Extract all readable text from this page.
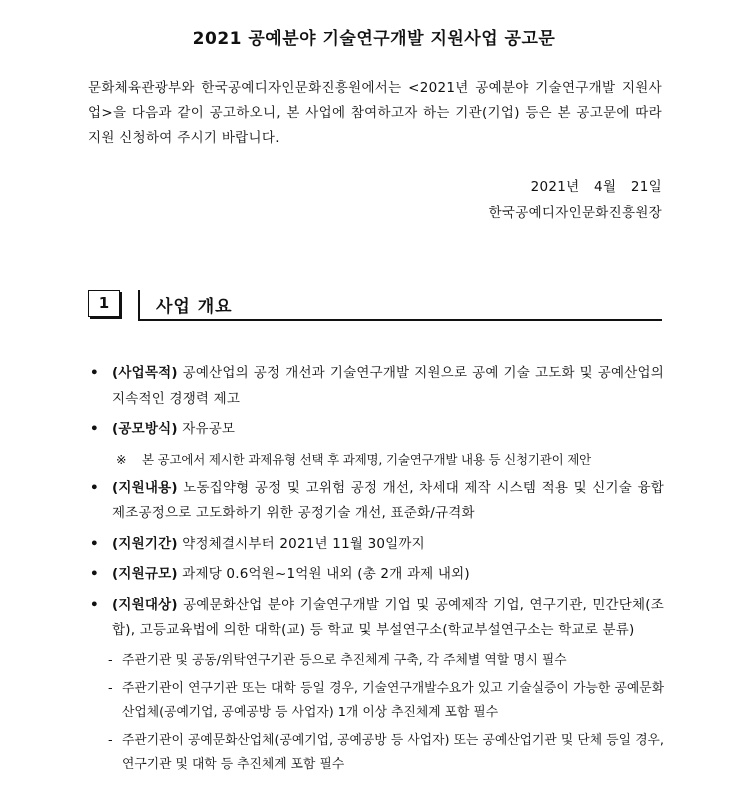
2021 공예분야 기술연구개발 지원사업 공고문
문화체육관광부와 한국공예디자인문화진흥원에서는 <2021년 공예분야 기술연구개발 지원사업>을 다음과 같이 공고하오니, 본 사업에 참여하고자 하는 기관(기업) 등은 본 공고문에 따라 지원 신청하여 주시기 바랍니다.
2021년 4월 21일
한국공예디자인문화진흥원장
1	사업 개요
• (사업목적) 공예산업의 공정 개선과 기술연구개발 지원으로 공예 기술 고도화 및 공예산업의 지속적인 경쟁력 제고
• (공모방식) 자유공모
※ 본 공고에서 제시한 과제유형 선택 후 과제명, 기술연구개발 내용 등 신청기관이 제안
• (지원내용) 노동집약형 공정 및 고위험 공정 개선, 차세대 제작 시스템 적용 및 신기술 융합 제조공정으로 고도화하기 위한 공정기술 개선, 표준화/규격화
• (지원기간) 약정체결시부터 2021년 11월 30일까지
• (지원규모) 과제당 0.6억원~1억원 내외 (총 2개 과제 내외)
• (지원대상) 공예문화산업 분야 기술연구개발 기업 및 공예제작 기업, 연구기관, 민간단체(조합), 고등교육법에 의한 대학(교) 등 학교 및 부설연구소(학교부설연구소는 학교로 분류)
- 주관기관 및 공동/위탁연구기관 등으로 추진체계 구축, 각 주체별 역할 명시 필수
- 주관기관이 연구기관 또는 대학 등일 경우, 기술연구개발수요가 있고 기술실증이 가능한 공예문화산업체(공예기업, 공예공방 등 사업자) 1개 이상 추진체계 포함 필수
- 주관기관이 공예문화산업체(공예기업, 공예공방 등 사업자) 또는 공예산업기관 및 단체 등일 경우, 연구기관 및 대학 등 추진체계 포함 필수
